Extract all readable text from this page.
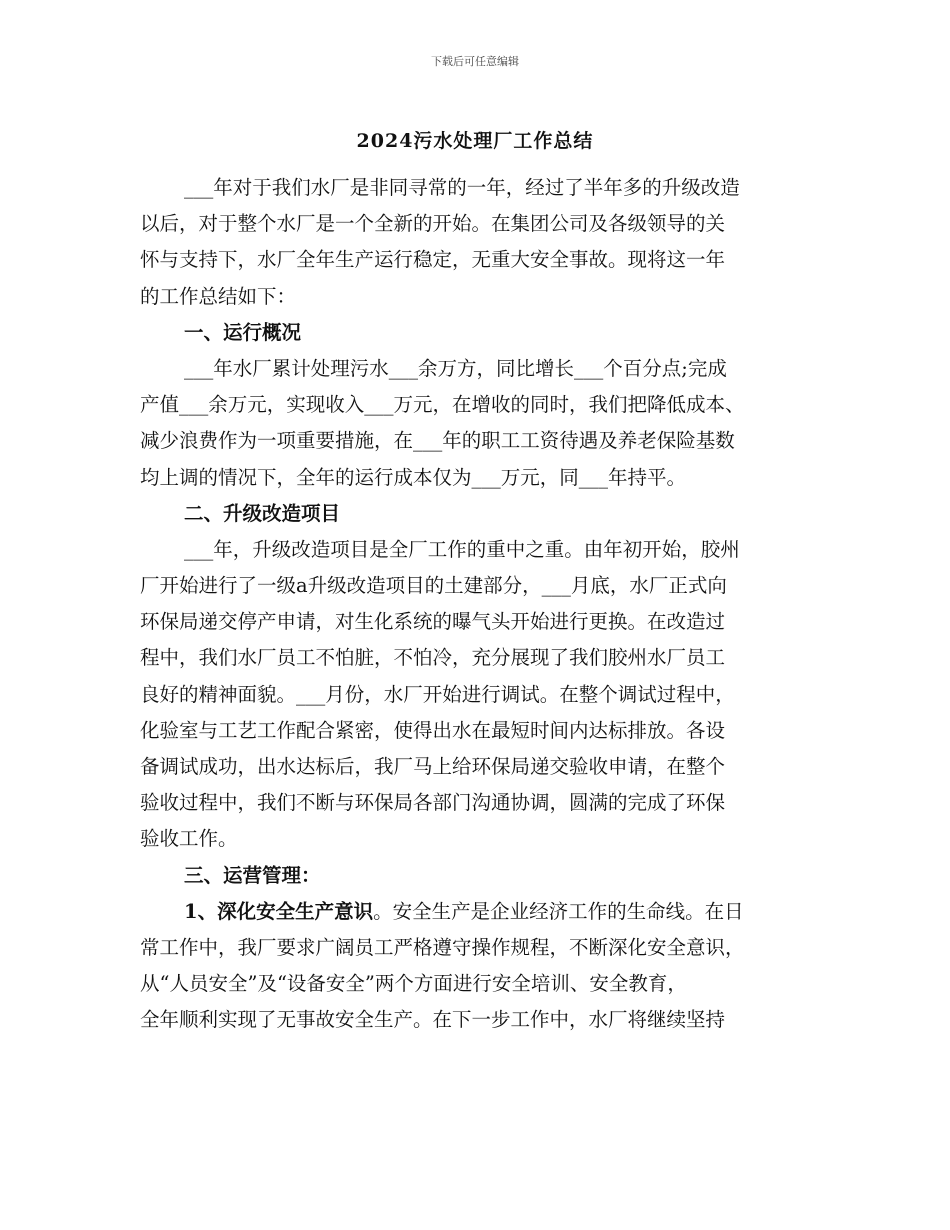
下载后可任意编辑
2024污水处理厂工作总结
___年对于我们水厂是非同寻常的一年，经过了半年多的升级改造
以后，对于整个水厂是一个全新的开始。在集团公司及各级领导的关
怀与支持下，水厂全年生产运行稳定，无重大安全事故。现将这一年
的工作总结如下：
一、运行概况
___年水厂累计处理污水___余万方，同比增长___个百分点;完成
产值___余万元，实现收入___万元，在增收的同时，我们把降低成本、
减少浪费作为一项重要措施，在___年的职工工资待遇及养老保险基数
均上调的情况下，全年的运行成本仅为___万元，同___年持平。
二、升级改造项目
___年，升级改造项目是全厂工作的重中之重。由年初开始，胶州
厂开始进行了一级a升级改造项目的土建部分，___月底，水厂正式向
环保局递交停产申请，对生化系统的曝气头开始进行更换。在改造过
程中，我们水厂员工不怕脏，不怕冷，充分展现了我们胶州水厂员工
良好的精神面貌。___月份，水厂开始进行调试。在整个调试过程中，
化验室与工艺工作配合紧密，使得出水在最短时间内达标排放。各设
备调试成功，出水达标后，我厂马上给环保局递交验收申请，在整个
验收过程中，我们不断与环保局各部门沟通协调，圆满的完成了环保
验收工作。
三、运营管理：
1、深化安全生产意识。安全生产是企业经济工作的生命线。在日
常工作中，我厂要求广阔员工严格遵守操作规程，不断深化安全意识，
从“人员安全”及“设备安全”两个方面进行安全培训、安全教育，
全年顺利实现了无事故安全生产。在下一步工作中，水厂将继续坚持
